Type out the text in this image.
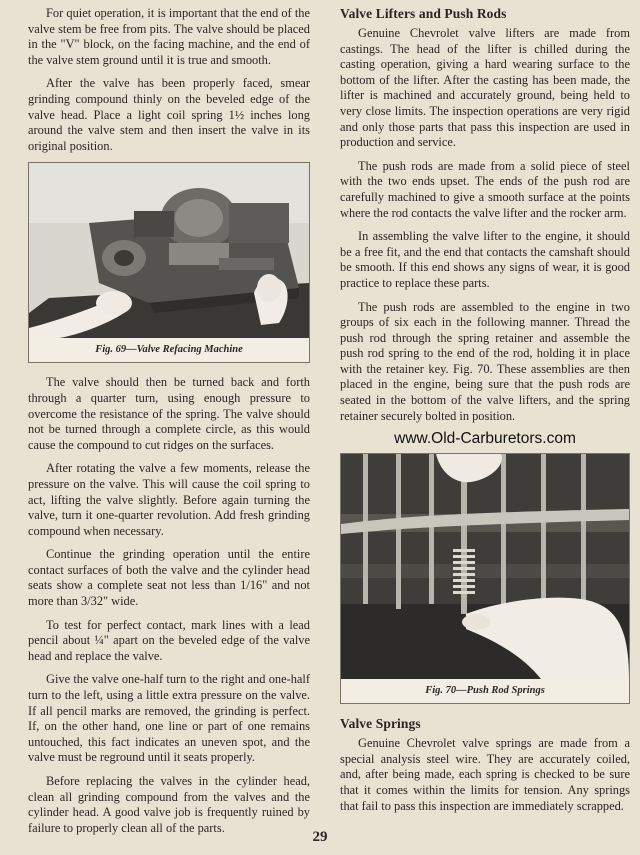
For quiet operation, it is important that the end of the valve stem be free from pits. The valve should be placed in the "V" block, on the facing machine, and the end of the valve stem ground until it is true and smooth.

After the valve has been properly faced, smear grinding compound thinly on the beveled edge of the valve head. Place a light coil spring 1½ inches long around the valve stem and then insert the valve in its original position.

Fig. 69—Valve Refacing Machine

The valve should then be turned back and forth through a quarter turn, using enough pressure to overcome the resistance of the spring. The valve should not be turned through a complete circle, as this would cause the compound to cut ridges on the surfaces.

After rotating the valve a few moments, release the pressure on the valve. This will cause the coil spring to act, lifting the valve slightly. Before again turning the valve, turn it one-quarter revolution. Add fresh grinding compound when necessary.

Continue the grinding operation until the entire contact surfaces of both the valve and the cylinder head seats show a complete seat not less than 1/16" and not more than 3/32" wide.

To test for perfect contact, mark lines with a lead pencil about ¼" apart on the beveled edge of the valve head and replace the valve.

Give the valve one-half turn to the right and one-half turn to the left, using a little extra pressure on the valve. If all pencil marks are removed, the grinding is perfect. If, on the other hand, one line or part of one remains untouched, this fact indicates an uneven spot, and the valve must be reground until it seats properly.

Before replacing the valves in the cylinder head, clean all grinding compound from the valves and the cylinder head. A good valve job is frequently ruined by failure to properly clean all of the parts.

Valve Lifters and Push Rods

Genuine Chevrolet valve lifters are made from castings. The head of the lifter is chilled during the casting operation, giving a hard wearing surface to the bottom of the lifter. After the casting has been made, the lifter is machined and accurately ground, being held to very close limits. The inspection operations are very rigid and only those parts that pass this inspection are used in production and service.

The push rods are made from a solid piece of steel with the two ends upset. The ends of the push rod are carefully machined to give a smooth surface at the points where the rod contacts the valve lifter and the rocker arm.

In assembling the valve lifter to the engine, it should be a free fit, and the end that contacts the camshaft should be smooth. If this end shows any signs of wear, it is good practice to replace these parts.

The push rods are assembled to the engine in two groups of six each in the following manner. Thread the push rod through the spring retainer and assemble the push rod spring to the end of the rod, holding it in place with the retainer key. Fig. 70. These assemblies are then placed in the engine, being sure that the push rods are seated in the bottom of the valve lifters, and the spring retainer securely bolted in position.

www.Old-Carburetors.com
Fig. 70—Push Rod Springs
Valve Springs

Genuine Chevrolet valve springs are made from a special analysis steel wire. They are accurately coiled, and, after being made, each spring is checked to be sure that it comes within the limits for tension. Any springs that fail to pass this inspection are immediately scrapped.

29
